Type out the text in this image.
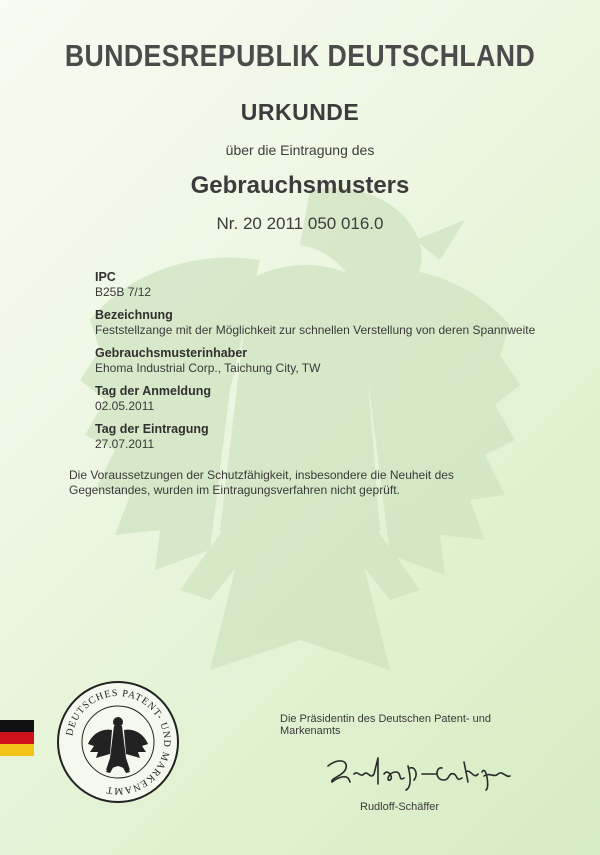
BUNDESREPUBLIK DEUTSCHLAND
URKUNDE
über die Eintragung des
Gebrauchsmusters
Nr. 20 2011 050 016.0
IPC
B25B 7/12
Bezeichnung
Feststellzange mit der Möglichkeit zur schnellen Verstellung von deren Spannweite
Gebrauchsmusterinhaber
Ehoma Industrial Corp., Taichung City, TW
Tag der Anmeldung
02.05.2011
Tag der Eintragung
27.07.2011
Die Voraussetzungen der Schutzfähigkeit, insbesondere die Neuheit des Gegenstandes, wurden im Eintragungsverfahren nicht geprüft.
DEUTSCHES PATENT- UND MARKENAMT
Die Präsidentin des Deutschen Patent- und Markenamts
Rudloff-Schäffer
